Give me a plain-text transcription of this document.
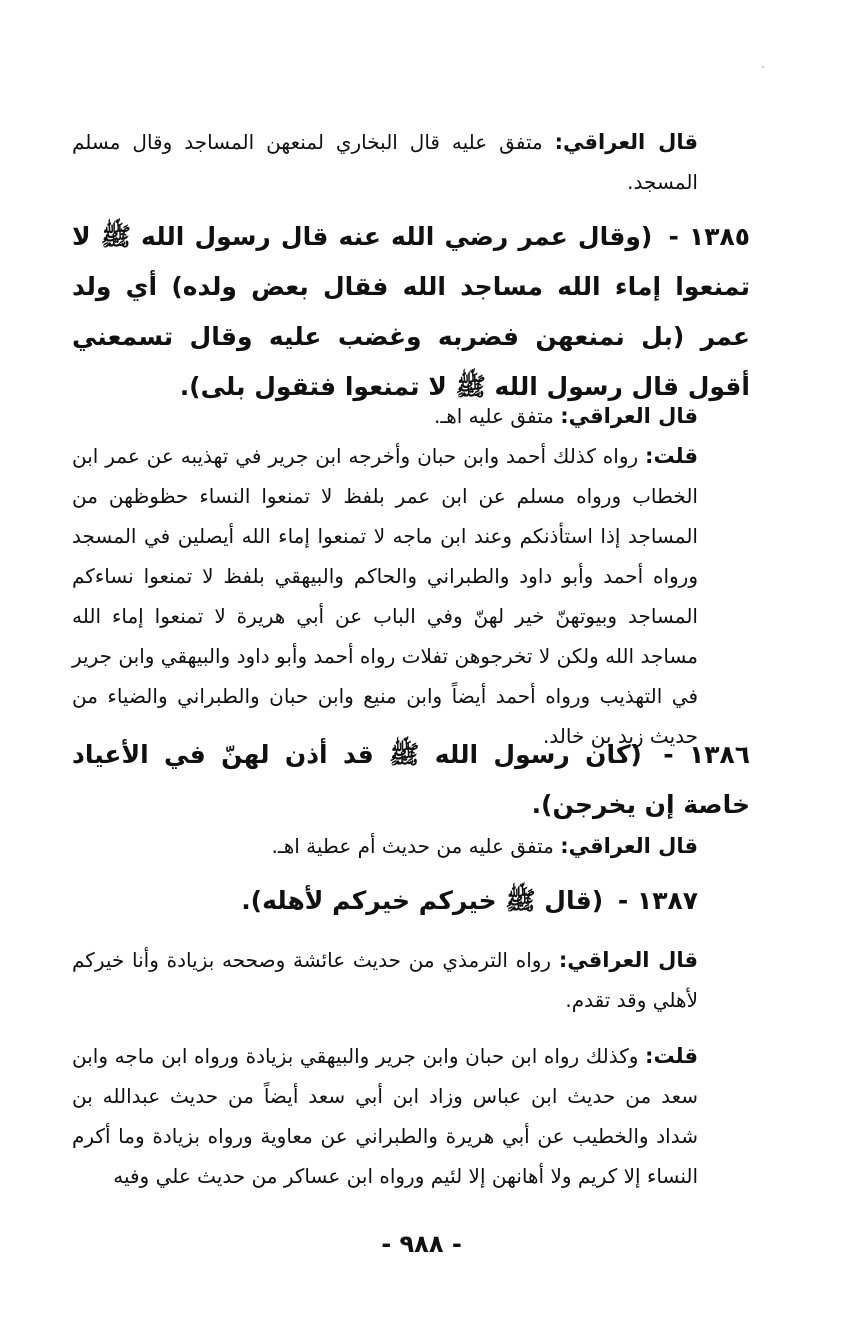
قال العراقي: متفق عليه قال البخاري لمنعهن المساجد وقال مسلم المسجد.

١٣٨٥ - (وقال عمر رضي الله عنه قال رسول الله ﷺ لا تمنعوا إماء الله مساجد الله فقال بعض ولده) أي ولد عمر (بل نمنعهن فضربه وغضب عليه وقال تسمعني أقول قال رسول الله ﷺ لا تمنعوا فتقول بلى).

قال العراقي: متفق عليه اهـ.

قلت: رواه كذلك أحمد وابن حبان وأخرجه ابن جرير في تهذيبه عن عمر ابن الخطاب ورواه مسلم عن ابن عمر بلفظ لا تمنعوا النساء حظوظهن من المساجد إذا استأذنكم وعند ابن ماجه لا تمنعوا إماء الله أيصلين في المسجد ورواه أحمد وأبو داود والطبراني والحاكم والبيهقي بلفظ لا تمنعوا نساءكم المساجد وبيوتهنّ خير لهنّ وفي الباب عن أبي هريرة لا تمنعوا إماء الله مساجد الله ولكن لا تخرجوهن تفلات رواه أحمد وأبو داود والبيهقي وابن جرير في التهذيب ورواه أحمد أيضاً وابن منيع وابن حبان والطبراني والضياء من حديث زيد بن خالد.

١٣٨٦ - (كان رسول الله ﷺ قد أذن لهنّ في الأعياد خاصة إن يخرجن).

قال العراقي: متفق عليه من حديث أم عطية اهـ.

١٣٨٧ - (قال ﷺ خيركم خيركم لأهله).

قال العراقي: رواه الترمذي من حديث عائشة وصححه بزيادة وأنا خيركم لأهلي وقد تقدم.

قلت: وكذلك رواه ابن حبان وابن جرير والبيهقي بزيادة ورواه ابن ماجه وابن سعد من حديث ابن عباس وزاد ابن أبي سعد أيضاً من حديث عبدالله بن شداد والخطيب عن أبي هريرة والطبراني عن معاوية ورواه بزيادة وما أكرم النساء إلا كريم ولا أهانهن إلا لئيم ورواه ابن عساكر من حديث علي وفيه

- ٩٨٨ -
